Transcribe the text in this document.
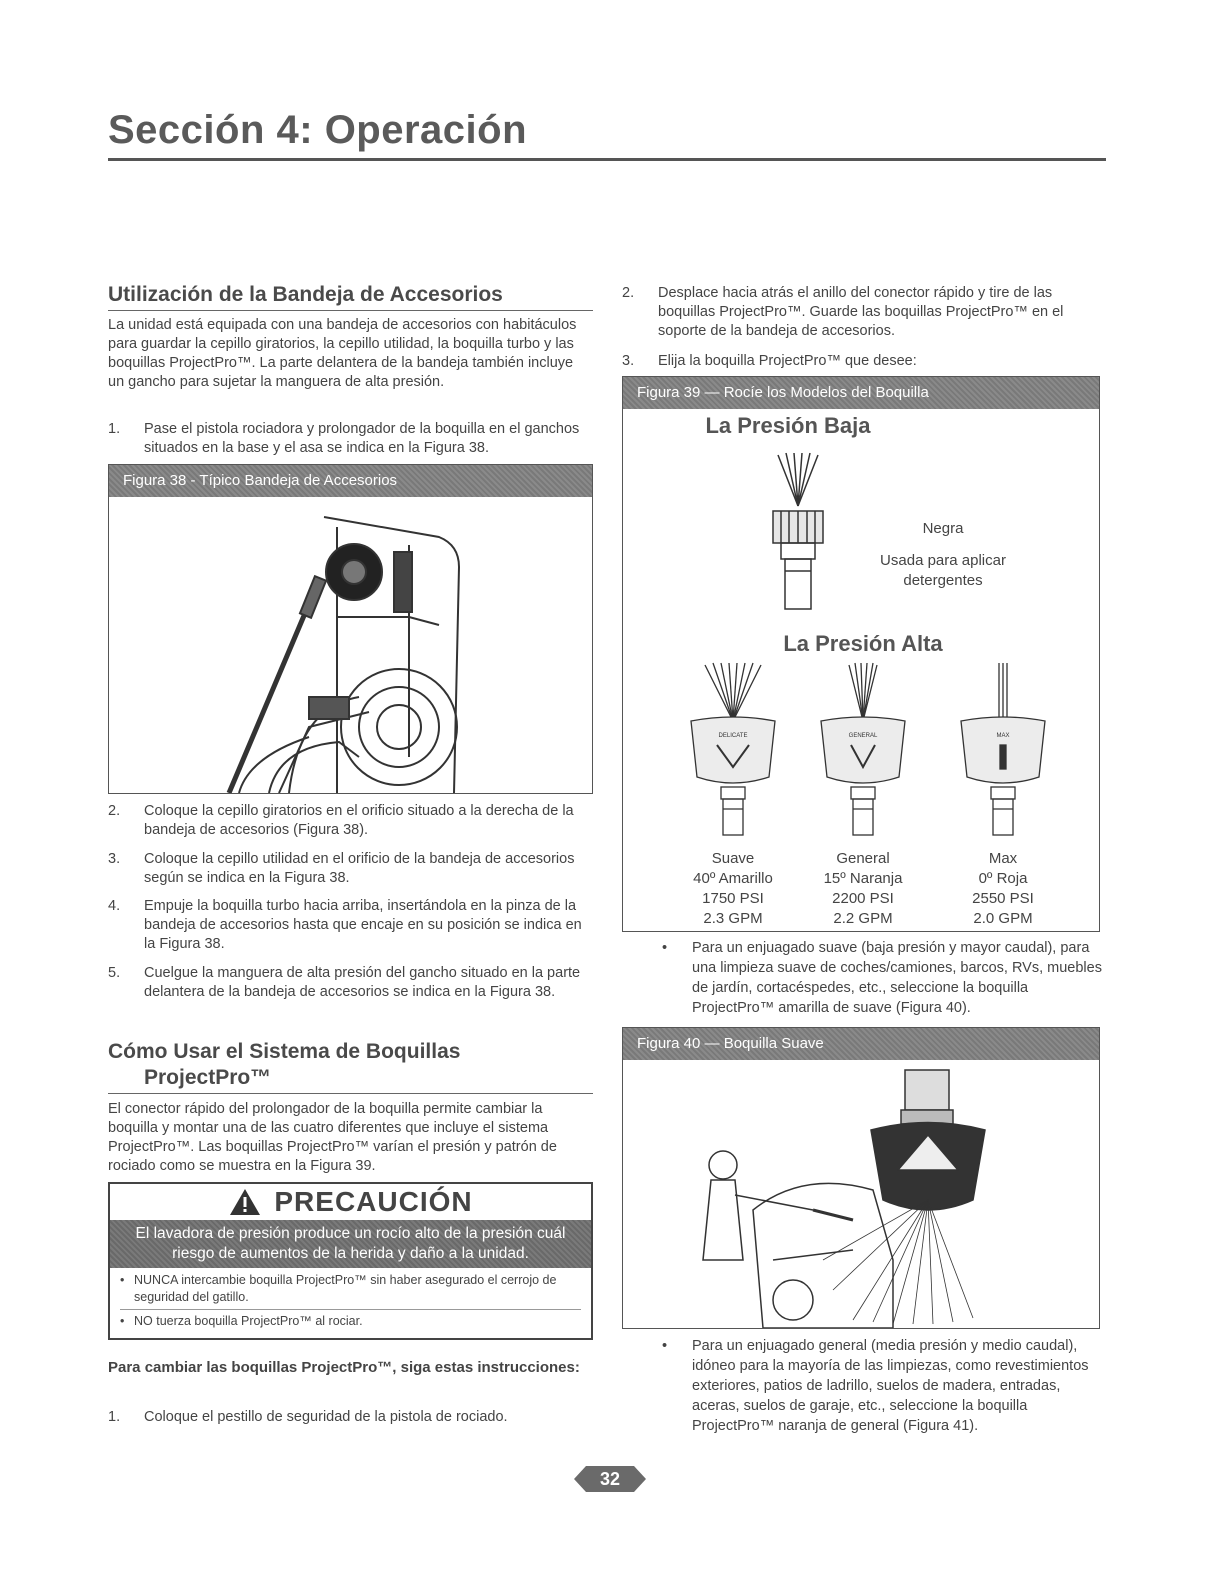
Sección 4: Operación
Utilización de la Bandeja de Accesorios
La unidad está equipada con una bandeja de accesorios con habitáculos para guardar la cepillo giratorios, la cepillo utilidad, la boquilla turbo y las boquillas ProjectPro™. La parte delantera de la bandeja también incluye un gancho para sujetar la manguera de alta presión.
1. Pase el pistola rociadora y prolongador de la boquilla en el ganchos situados en la base y el asa se indica en la Figura 38.
Figura 38 - Típico Bandeja de Accesorios
2. Coloque la cepillo giratorios en el orificio situado a la derecha de la bandeja de accesorios (Figura 38).
3. Coloque la cepillo utilidad en el orificio de la bandeja de accesorios según se indica en la Figura 38.
4. Empuje la boquilla turbo hacia arriba, insertándola en la pinza de la bandeja de accesorios hasta que encaje en su posición se indica en la Figura 38.
5. Cuelgue la manguera de alta presión del gancho situado en la parte delantera de la bandeja de accesorios se indica en la Figura 38.
Cómo Usar el Sistema de Boquillas
ProjectPro™
El conector rápido del prolongador de la boquilla permite cambiar la boquilla y montar una de las cuatro diferentes que incluye el sistema ProjectPro™. Las boquillas ProjectPro™ varían el presión y patrón de rociado como se muestra en la Figura 39.
PRECAUCIÓN
El lavadora de presión produce un rocío alto de la presión cuál riesgo de aumentos de la herida y daño a la unidad.
• NUNCA intercambie boquilla ProjectPro™ sin haber asegurado el cerrojo de seguridad del gatillo.
• NO tuerza boquilla ProjectPro™ al rociar.
Para cambiar las boquillas ProjectPro™, siga estas instrucciones:
1. Coloque el pestillo de seguridad de la pistola de rociado.
2. Desplace hacia atrás el anillo del conector rápido y tire de las boquillas ProjectPro™. Guarde las boquillas ProjectPro™ en el soporte de la bandeja de accesorios.
3. Elija la boquilla ProjectPro™ que desee:
Figura 39 — Rocíe los Modelos del Boquilla
La Presión Baja
Negra
Usada para aplicar
detergentes
La Presión Alta
DELICATE	GENERAL	MAX
Suave
40º Amarillo
1750 PSI
2.3 GPM
General
15º Naranja
2200 PSI
2.2 GPM
Max
0º Roja
2550 PSI
2.0 GPM
• Para un enjuagado suave (baja presión y mayor caudal), para una limpieza suave de coches/camiones, barcos, RVs, muebles de jardín, cortacéspedes, etc., seleccione la boquilla ProjectPro™ amarilla de suave (Figura 40).
Figura 40 — Boquilla Suave
• Para un enjuagado general (media presión y medio caudal), idóneo para la mayoría de las limpiezas, como revestimientos exteriores, patios de ladrillo, suelos de madera, entradas, aceras, suelos de garaje, etc., seleccione la boquilla ProjectPro™ naranja de general (Figura 41).
32
